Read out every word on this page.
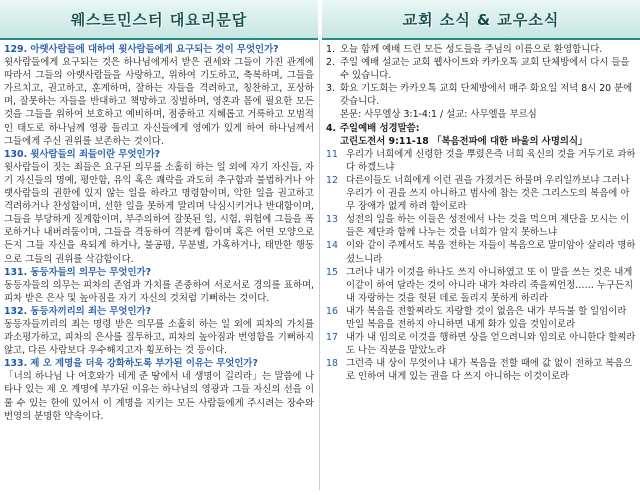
웨스트민스터 대요리문답
129. 아랫사람들에 대하여 윗사람들에게 요구되는 것이 무엇인가?
윗사람들에게 요구되는 것은 하나님에게서 받은 권세와 그들이 가진 관계에 따라서 그들의 아랫사람들을 사랑하고, 위하여 기도하고, 축복하며, 그들을 가르치고, 권고하고, 훈계하며, 잘하는 자들을 격려하고, 칭찬하고, 포상하며, 잘못하는 자들을 반대하고 책망하고 징벌하며, 영혼과 몸에 필요한 모든 것을 그들을 위하여 보호하고 예비하며, 점중하고 지혜롭고 거룩하고 모범적인 태도로 하나님께 영광 돌리고 자신들에게 영예가 있게 하여 하나님께서 그들에게 주신 권위를 보존하는 것이다.
130. 윗사람들의 죄들이란 무엇인가?
윗사람들이 짓는 죄들은 요구된 의무를 소홀히 하는 일 외에 자기 자신들, 자기 자신들의 명예, 평안함, 유익 혹은 쾌락을 과도히 추구함과 불법하거나 아랫사람들의 권한에 있지 않는 일을 하라고 명령함이며, 악한 일을 권고하고 격려하거나 찬성함이며, 선한 일을 못하게 말리며 낙심시키거나 반대함이며, 그들을 부당하게 징계함이며, 부주의하여 잘못된 일, 시험, 위험에 그들을 폭로하거나 내버려둠이며, 그들을 격동하여 격분케 함이며 혹은 어떤 모양으로든지 그들 자신을 욕되게 하거나, 불공평, 무분별, 가혹하거나, 태만한 행동으로 그들의 권위를 삭감함이다.
131. 동등자들의 의무는 무엇인가?
동등자들의 의무는 피차의 존엄과 가치를 존중하여 서로서로 경의를 표하며, 피차 받은 은사 및 높아짐을 자기 자신의 것처럼 기뻐하는 것이다.
132. 동등자끼리의 죄는 무엇인가?
동등자들끼리의 죄는 명령 받은 의무를 소홀히 하는 일 외에 피차의 가치를 과소평가하고, 피차의 은사를 질투하고, 피차의 높아짐과 번영함을 기뻐하지 않고, 다른 사람보다 우수해지고자 횡포하는 것 등이다.
133. 제 오 계명을 더욱 강화하도록 부가된 이유는 무엇인가?
「너의 하나님 나 여호와가 네게 준 땅에서 네 생명이 길리라」는 말씀에 나타나 있는 제 오 계명에 부가된 이유는 하나님의 영광과 그들 자신의 선을 이룰 수 있는 한에 있어서 이 계명을 지키는 모든 사람들에게 주시려는 장수와 번영의 분명한 약속이다.
교회 소식 & 교우소식
1. 오늘 함께 예배 드린 모든 성도들을 주님의 이름으로 환영합니다.
2. 주일 예배 설교는 교회 웹사이트와 카카오톡 교회 단체방에서 다시 들을 수 있습니다.
3. 화요 기도회는 카카오톡 교회 단체방에서 매주 화요일 저녁 8시 20 분에 갖습니다.
본문: 사무엘상 3:1-4:1 / 설교: 사무엘을 부르심
4. 주일예배 성경말씀:
고린도전서 9:11-18 「복음전파에 대한 바울의 사명의식」
11 우리가 너희에게 신령한 것을 뿌렸은즉 너희 육신의 것을 거두기로 과하다 하겠느냐
12 다른이들도 너희에게 이런 권을 가졌거든 하물며 우리일까보냐 그러나 우리가 이 권을 쓰지 아니하고 범사에 참는 것은 그리스도의 복음에 아무 장애가 없게 하려 함이로라
13 성전의 일을 하는 이들은 성전에서 나는 것을 먹으며 제단을 모시는 이들은 제단과 함께 나누는 것을 너희가 알지 못하느냐
14 이와 같이 주께서도 복음 전하는 자들이 복음으로 말미암아 살리라 명하셨느니라
15 그러나 내가 이것을 하나도 쓰지 아니하였고 또 이 말을 쓰는 것은 내게 이같이 하여 달라는 것이 아니라 내가 차라리 죽을찌언정…… 누구든지 내 자랑하는 것을 헛된 데로 돌리지 못하게 하리라
16 내가 복음을 전할찌라도 자랑할 것이 없음은 내가 부득불 할 일임이라 만일 복음을 전하지 아니하면 내게 화가 있을 것임이로라
17 내가 내 임의로 이것을 행하면 상을 얻으려니와 임의로 아니한다 할찌라도 나는 직분을 맡았노라
18 그런즉 내 상이 무엇이냐 내가 복음을 전할 때에 값 없이 전하고 복음으로 인하여 내게 있는 권을 다 쓰지 아니하는 이것이로라
